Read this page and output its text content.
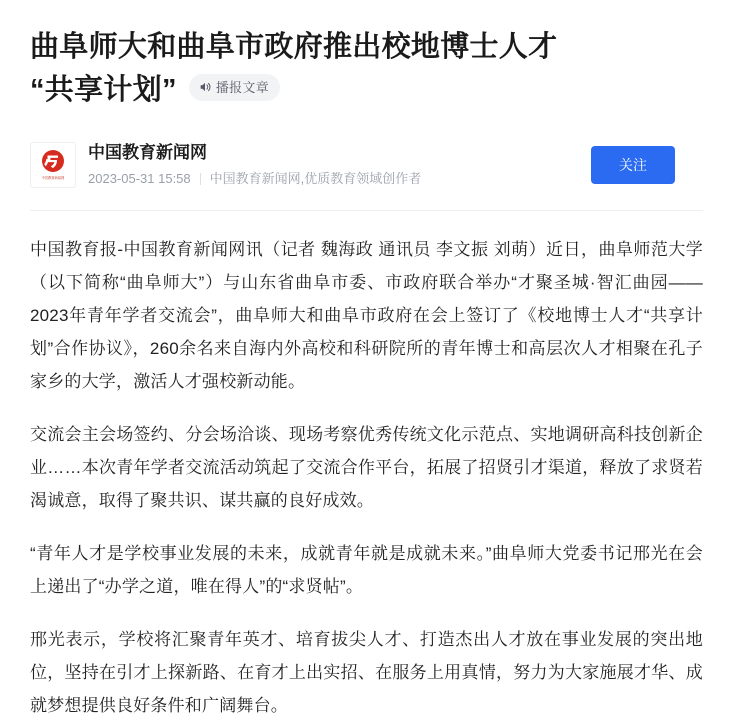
曲阜师大和曲阜市政府推出校地博士人才
“共享计划”	播报文章
中国教育新闻网
中国教育新闻网
2023-05-31 15:58 中国教育新闻网,优质教育领域创作者
关注

中国教育报-中国教育新闻网讯（记者 魏海政 通讯员 李文振 刘萌）近日，曲阜师范大学（以下简称“曲阜师大”）与山东省曲阜市委、市政府联合举办“才聚圣城·智汇曲园——2023年青年学者交流会”，曲阜师大和曲阜市政府在会上签订了《校地博士人才“共享计划”合作协议》，260余名来自海内外高校和科研院所的青年博士和高层次人才相聚在孔子家乡的大学，激活人才强校新动能。

交流会主会场签约、分会场洽谈、现场考察优秀传统文化示范点、实地调研高科技创新企业……本次青年学者交流活动筑起了交流合作平台，拓展了招贤引才渠道，释放了求贤若渴诚意，取得了聚共识、谋共赢的良好成效。

“青年人才是学校事业发展的未来，成就青年就是成就未来。”曲阜师大党委书记邢光在会上递出了“办学之道，唯在得人”的“求贤帖”。

邢光表示，学校将汇聚青年英才、培育拔尖人才、打造杰出人才放在事业发展的突出地位，坚持在引才上探新路、在育才上出实招、在服务上用真情，努力为大家施展才华、成就梦想提供良好条件和广阔舞台。
